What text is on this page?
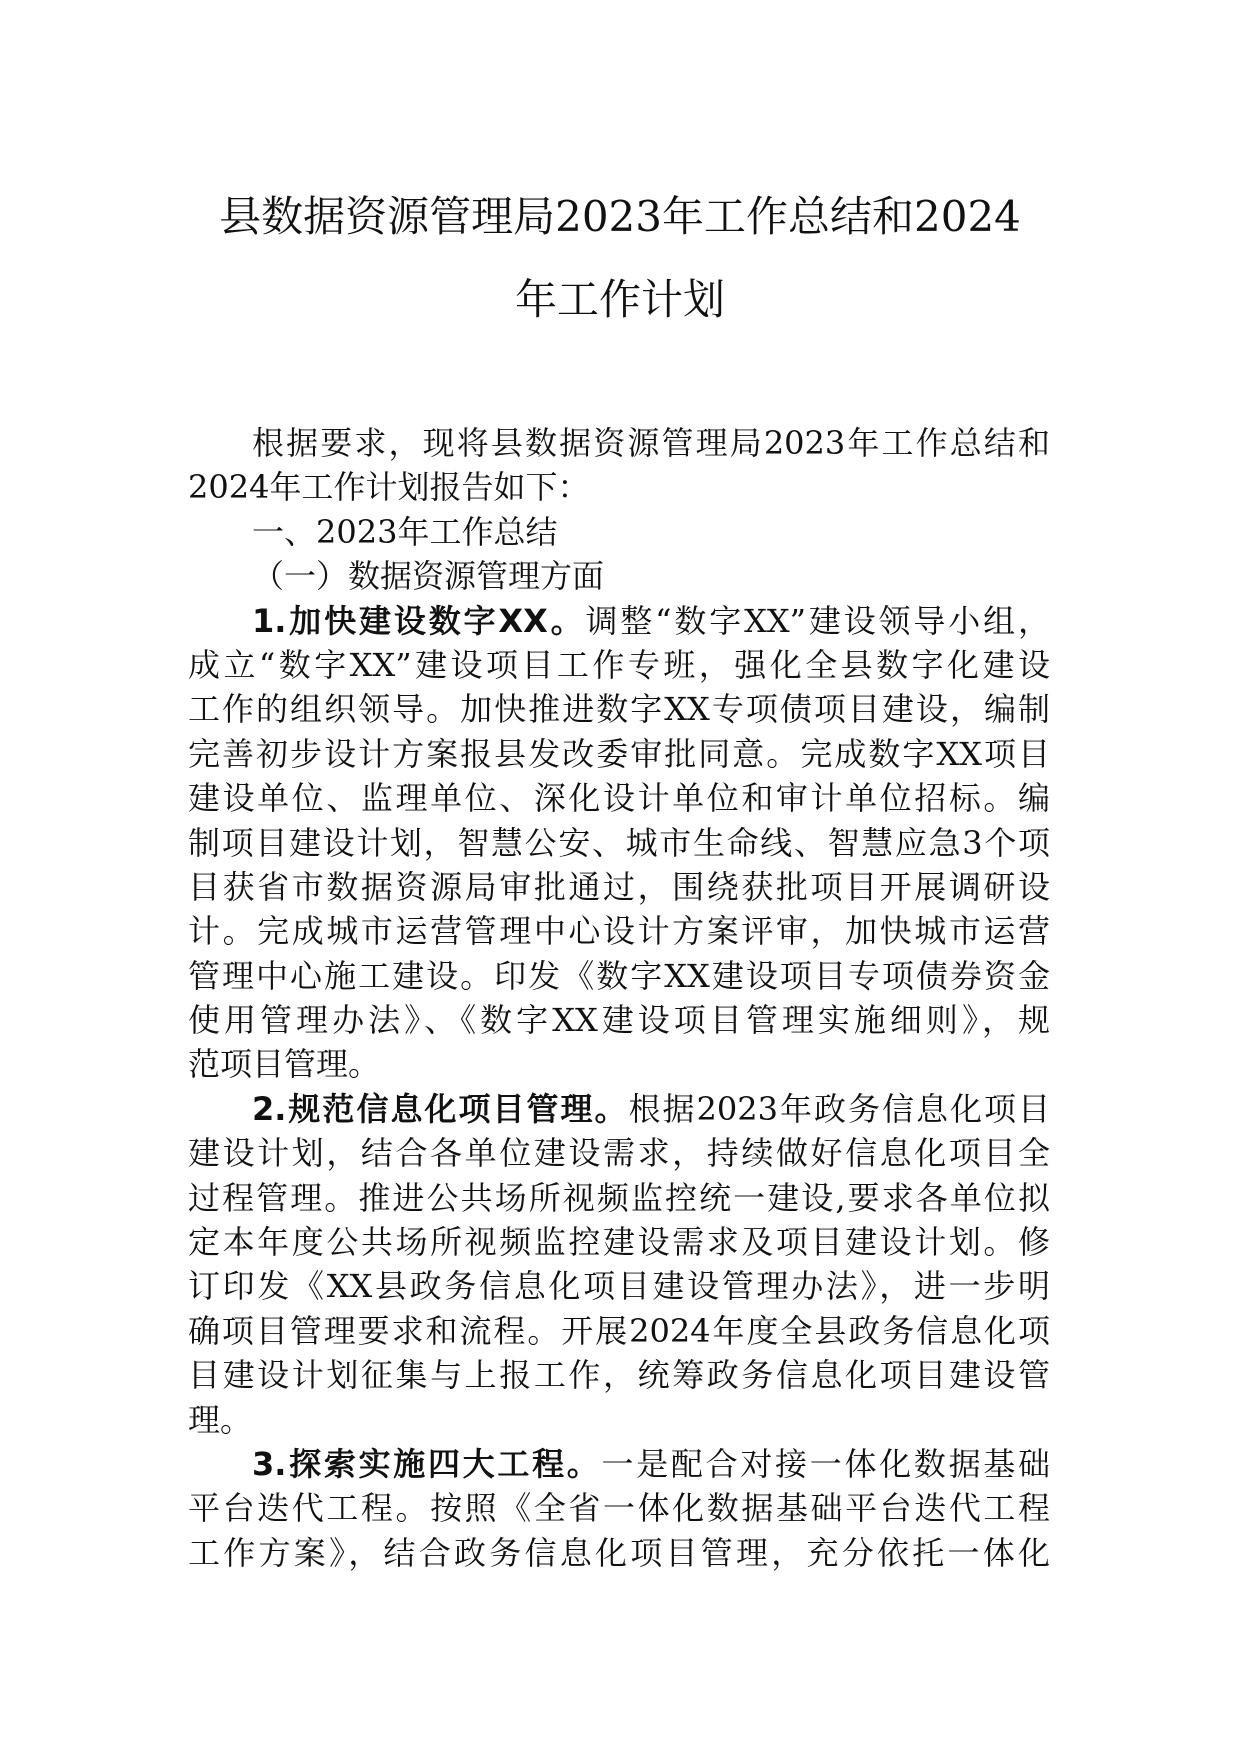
县数据资源管理局2023年工作总结和2024
年工作计划
根据要求，现将县数据资源管理局2023年工作总结和
2024年工作计划报告如下：
一、2023年工作总结
（一）数据资源管理方面
1.加快建设数字XX。调整“数字XX”建设领导小组，
成立“数字XX”建设项目工作专班，强化全县数字化建设
工作的组织领导。加快推进数字XX专项债项目建设，编制
完善初步设计方案报县发改委审批同意。完成数字XX项目
建设单位、监理单位、深化设计单位和审计单位招标。编
制项目建设计划，智慧公安、城市生命线、智慧应急3个项
目获省市数据资源局审批通过，围绕获批项目开展调研设
计。完成城市运营管理中心设计方案评审，加快城市运营
管理中心施工建设。印发《数字XX建设项目专项债券资金
使用管理办法》、《数字XX建设项目管理实施细则》，规
范项目管理。
2.规范信息化项目管理。根据2023年政务信息化项目
建设计划，结合各单位建设需求，持续做好信息化项目全
过程管理。推进公共场所视频监控统一建设,要求各单位拟
定本年度公共场所视频监控建设需求及项目建设计划。修
订印发《XX县政务信息化项目建设管理办法》，进一步明
确项目管理要求和流程。开展2024年度全县政务信息化项
目建设计划征集与上报工作，统筹政务信息化项目建设管
理。
3.探索实施四大工程。一是配合对接一体化数据基础
平台迭代工程。按照《全省一体化数据基础平台迭代工程
工作方案》，结合政务信息化项目管理，充分依托一体化
